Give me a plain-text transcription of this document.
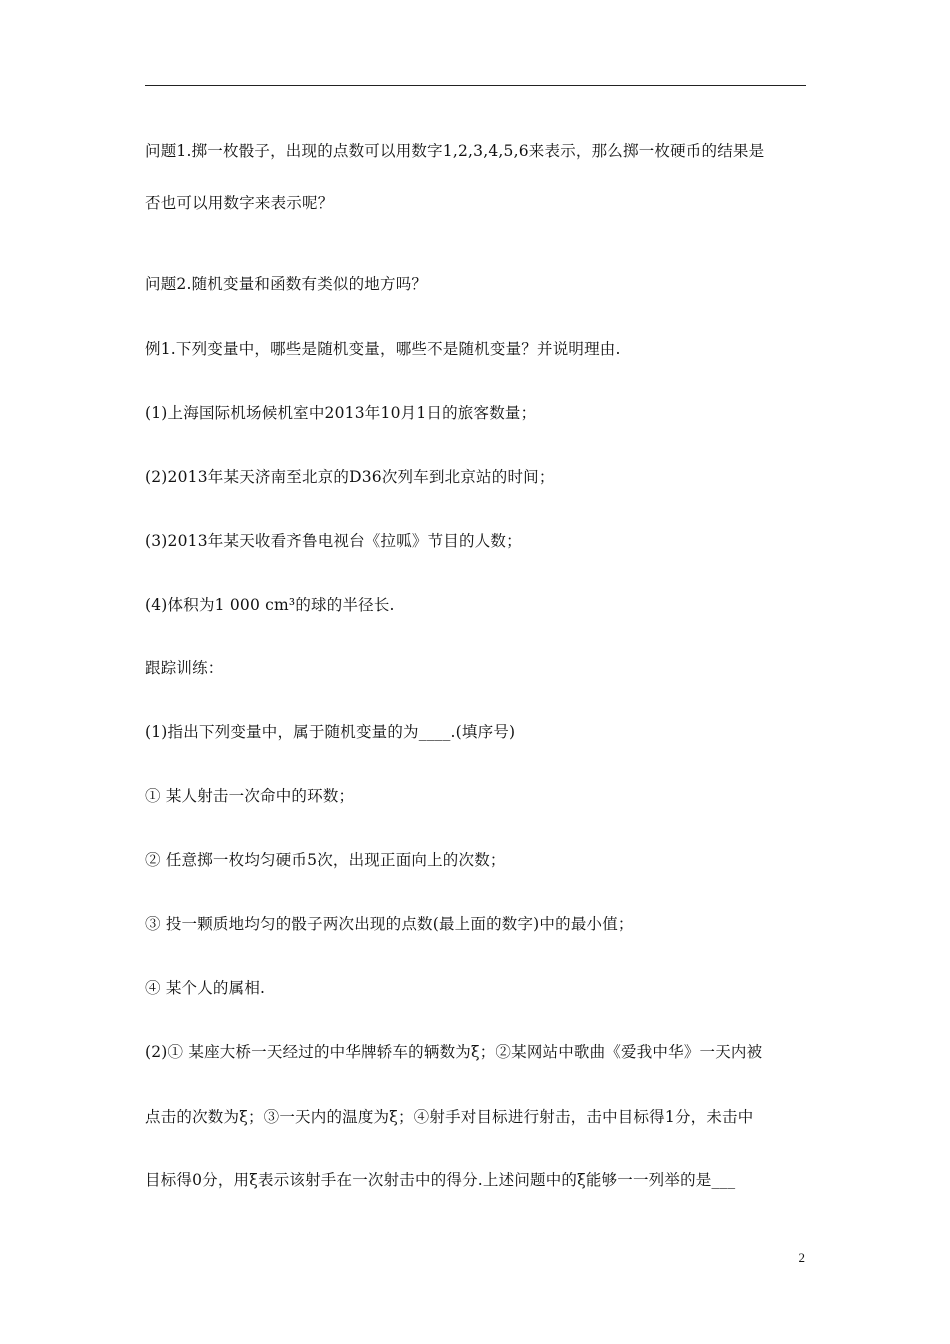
问题1.掷一枚骰子，出现的点数可以用数字1,2,3,4,5,6来表示，那么掷一枚硬币的结果是
否也可以用数字来表示呢？
问题2.随机变量和函数有类似的地方吗？
例1.下列变量中，哪些是随机变量，哪些不是随机变量？并说明理由.
(1)上海国际机场候机室中2013年10月1日的旅客数量；
(2)2013年某天济南至北京的D36次列车到北京站的时间；
(3)2013年某天收看齐鲁电视台《拉呱》节目的人数；
(4)体积为1 000 cm³的球的半径长.
跟踪训练：
(1)指出下列变量中，属于随机变量的为____.(填序号)
① 某人射击一次命中的环数；
② 任意掷一枚均匀硬币5次，出现正面向上的次数；
③ 投一颗质地均匀的骰子两次出现的点数(最上面的数字)中的最小值；
④ 某个人的属相.
(2)① 某座大桥一天经过的中华牌轿车的辆数为ξ；②某网站中歌曲《爱我中华》一天内被
点击的次数为ξ；③一天内的温度为ξ；④射手对目标进行射击，击中目标得1分，未击中
目标得0分，用ξ表示该射手在一次射击中的得分.上述问题中的ξ能够一一列举的是___
2
